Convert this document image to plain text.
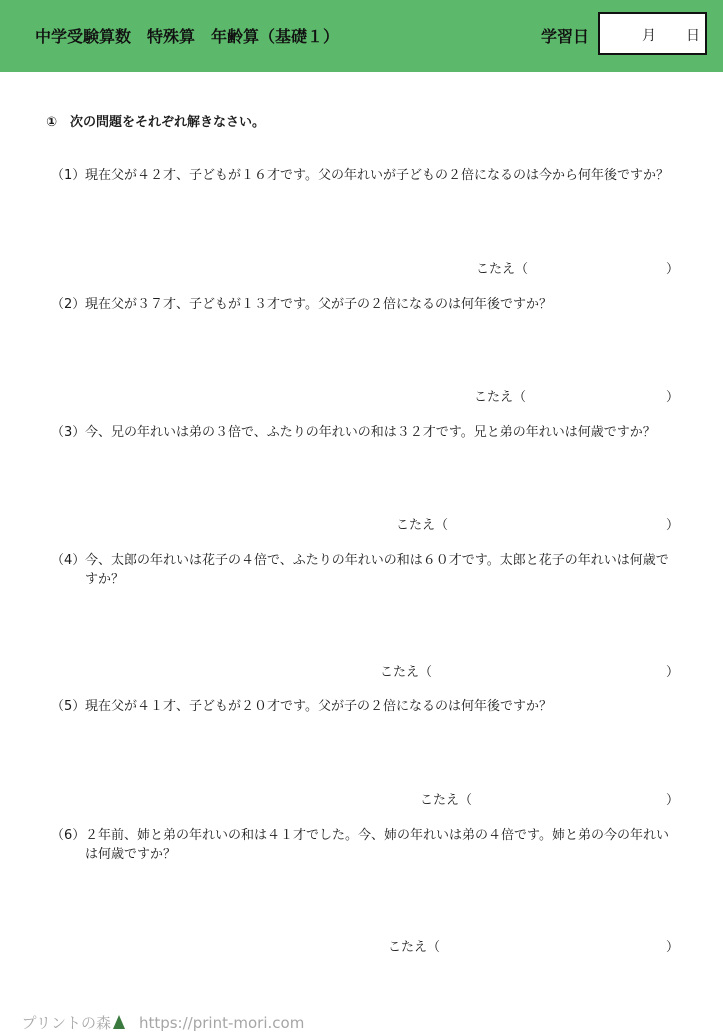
中学受験算数　特殊算　年齢算（基礎１）	学習日	月 日
①　次の問題をそれぞれ解きなさい。
（1） 現在父が４２才、子どもが１６才です。父の年れいが子どもの２倍になるのは今から何年後ですか？
こたえ（	）
（2） 現在父が３７才、子どもが１３才です。父が子の２倍になるのは何年後ですか？
こたえ（	）
（3） 今、兄の年れいは弟の３倍で、ふたりの年れいの和は３２才です。兄と弟の年れいは何歳ですか？
こたえ（	）
（4） 今、太郎の年れいは花子の４倍で、ふたりの年れいの和は６０才です。太郎と花子の年れいは何歳ですか？
こたえ（	）
（5） 現在父が４１才、子どもが２０才です。父が子の２倍になるのは何年後ですか？
こたえ（	）
（6） ２年前、姉と弟の年れいの和は４１才でした。今、姉の年れいは弟の４倍です。姉と弟の今の年れいは何歳ですか？
こたえ（	）

プリントの森 https://print-mori.com
